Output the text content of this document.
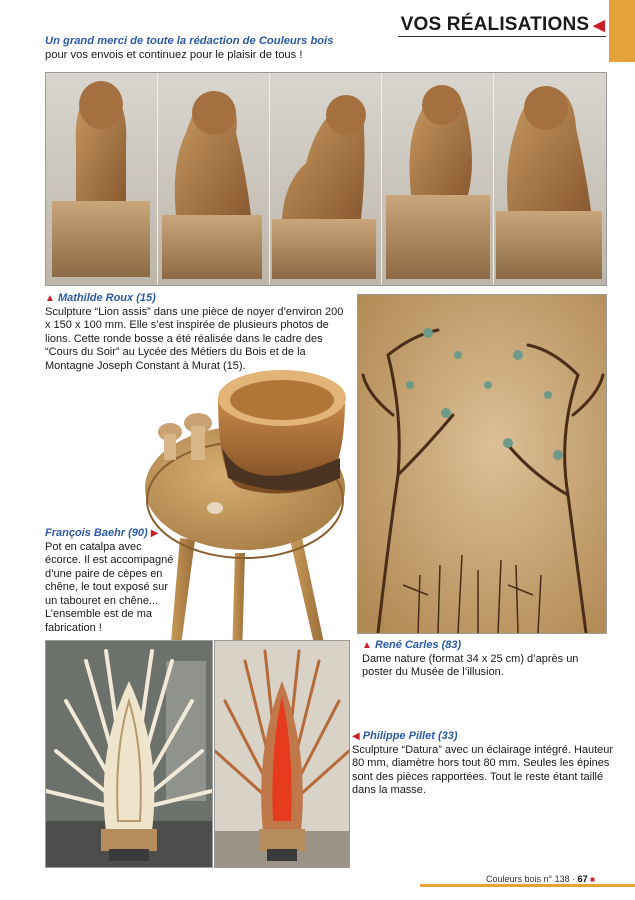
VOS RÉALISATIONS ◀
Un grand merci de toute la rédaction de Couleurs bois
pour vos envois et continuez pour le plaisir de tous !
▲ Mathilde Roux (15)
Sculpture “Lion assis” dans une pièce de noyer d’environ 200 x 150 x 100 mm. Elle s’est inspirée de plusieurs photos de lions. Cette ronde bosse a été réalisée dans le cadre des “Cours du Soir” au Lycée des Métiers du Bois et de la Montagne Joseph Constant à Murat (15).
François Baehr (90) ▶
Pot en catalpa avec écorce. Il est accompagné d’une paire de cèpes en chêne, le tout exposé sur un tabouret en chêne... L’ensemble est de ma fabrication !
▲ René Carles (83)
Dame nature (format 34 x 25 cm) d’après un poster du Musée de l’illusion.
◀ Philippe Pillet (33)
Sculpture “Datura” avec un éclairage intégré. Hauteur 80 mm, diamètre hors tout 80 mm. Seules les épines sont des pièces rapportées. Tout le reste étant taillé dans la masse.
Couleurs bois n° 138 · 67 ■
